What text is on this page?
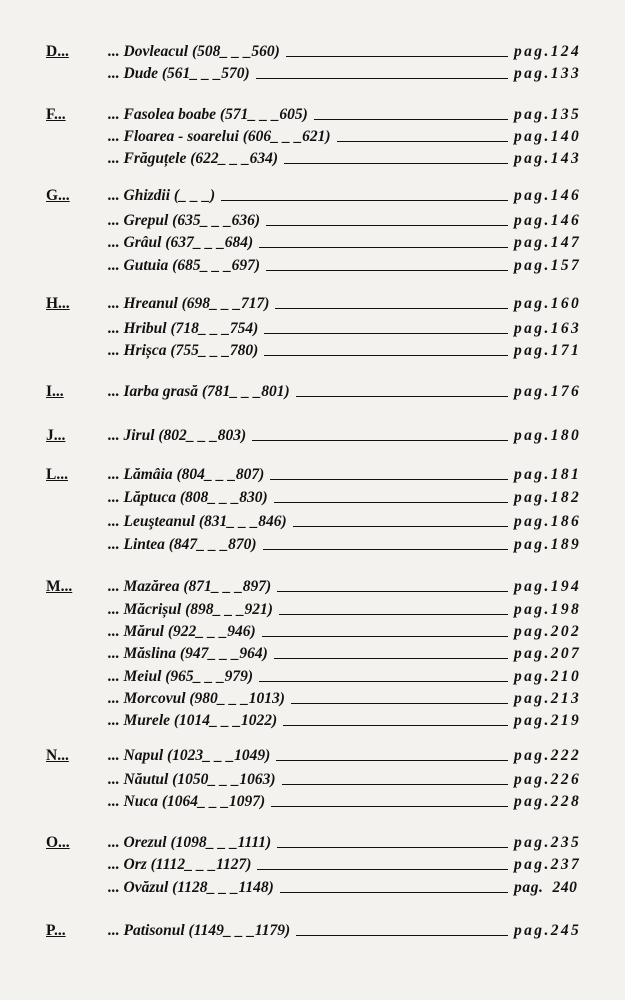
D...	... Dovleacul (508_ _ _560)	pag.124
... Dude (561_ _ _570)	pag.133
F...	... Fasolea boabe (571_ _ _605)	pag.135
... Floarea - soarelui (606_ _ _621)	pag.140
... Frăguțele (622_ _ _634)	pag.143
G... ... Ghizdii (_ _ _)	pag.146
... Grepul (635_ _ _636)	pag.146
... Grâul (637_ _ _684)	pag.147
... Gutuia (685_ _ _697)	pag.157
H... ... Hreanul (698_ _ _717)	pag.160
... Hribul (718_ _ _754)	pag.163
... Hrișca (755_ _ _780)	pag.171
I...	... Iarba grasă (781_ _ _801)	pag.176
J...	... Jirul (802_ _ _803)	pag.180
L...	... Lămâia (804_ _ _807)	pag.181
... Lăptuca (808_ _ _830)	pag.182
... Leuşteanul (831_ _ _846)	pag.186
... Lintea (847_ _ _870)	pag.189
M... ... Mazărea (871_ _ _897)	pag.194
... Măcrișul (898_ _ _921)	pag.198
... Mărul (922_ _ _946)	pag.202
... Măslina (947_ _ _964)	pag.207
... Meiul (965_ _ _979)	pag.210
... Morcovul (980_ _ _1013)	pag.213
... Murele (1014_ _ _1022)	pag.219
N...	... Napul (1023_ _ _1049)	pag.222
... Năutul (1050_ _ _1063)	pag.226
... Nuca (1064_ _ _1097)	pag.228
O... ... Orezul (1098_ _ _1111)	pag.235
... Orz (1112_ _ _1127)	pag.237
... Ovăzul (1128_ _ _1148)	pag.  240
P...	... Patisonul (1149_ _ _1179)	pag.245
